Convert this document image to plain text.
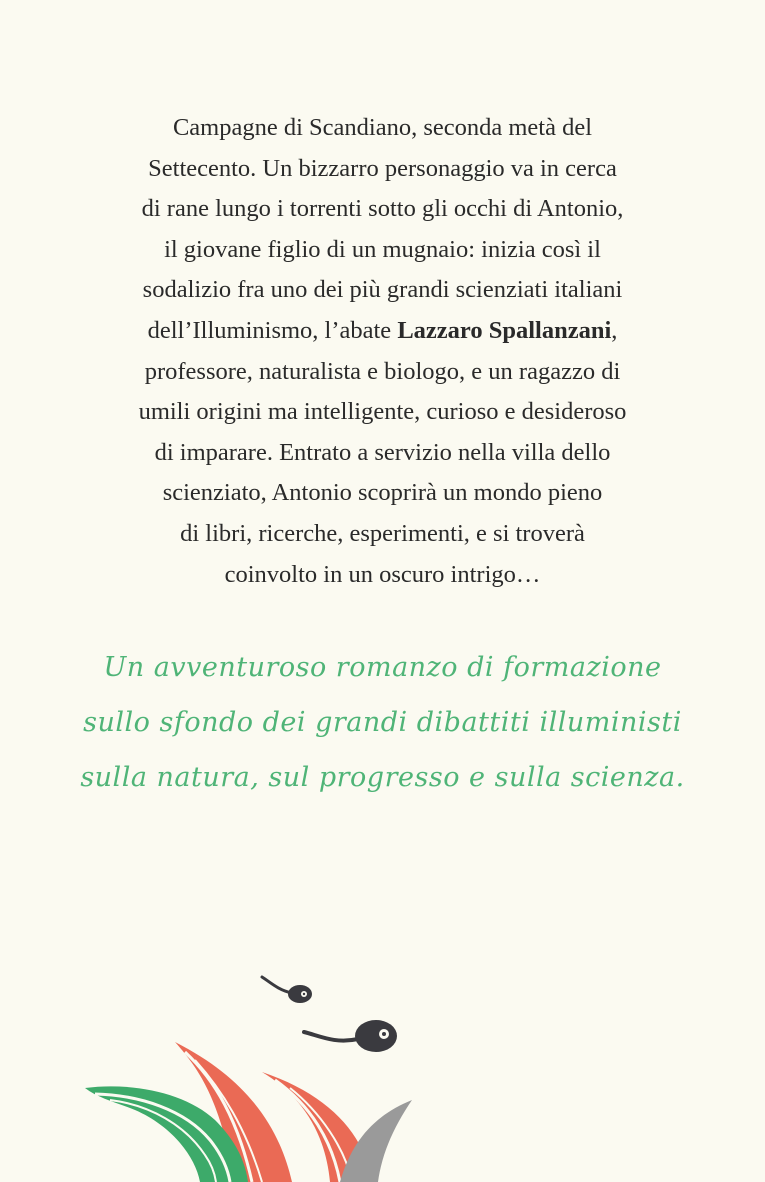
Campagne di Scandiano, seconda metà del
Settecento. Un bizzarro personaggio va in cerca
di rane lungo i torrenti sotto gli occhi di Antonio,
il giovane figlio di un mugnaio: inizia così il
sodalizio fra uno dei più grandi scienziati italiani
dell’Illuminismo, l’abate Lazzaro Spallanzani,
professore, naturalista e biologo, e un ragazzo di
umili origini ma intelligente, curioso e desideroso
di imparare. Entrato a servizio nella villa dello
scienziato, Antonio scoprirà un mondo pieno
di libri, ricerche, esperimenti, e si troverà
coinvolto in un oscuro intrigo…
Un avventuroso romanzo di formazione
sullo sfondo dei grandi dibattiti illuministi
sulla natura, sul progresso e sulla scienza.
